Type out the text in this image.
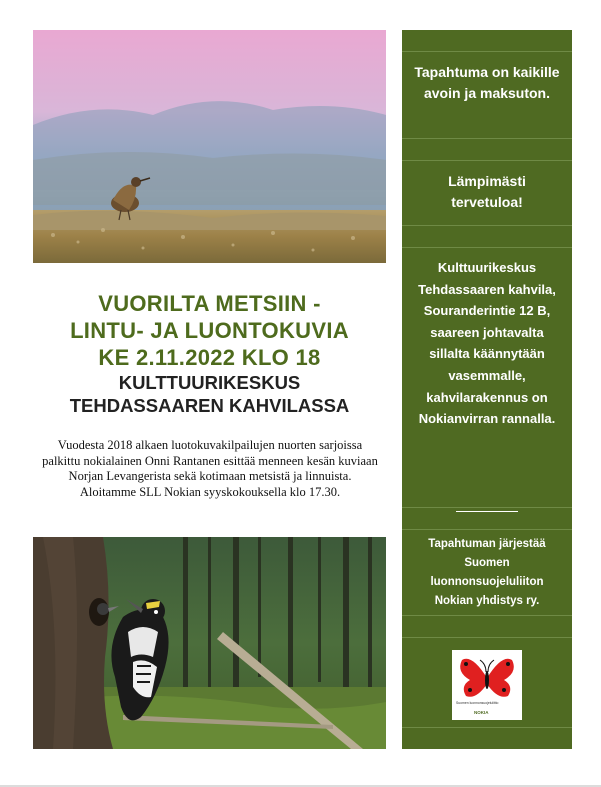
VUORILTA METSIIN -
LINTU- JA LUONTOKUVIA
KE 2.11.2022 KLO 18
KULTTUURIKESKUS
TEHDASSAAREN KAHVILASSA
Vuodesta 2018 alkaen luotokuvakilpailujen nuorten sarjoissa palkittu nokialainen Onni Rantanen esittää menneen kesän kuviaan Norjan Levangerista sekä kotimaan metsistä ja linnuista.
Aloitamme SLL Nokian syyskokouksella klo 17.30.
Tapahtuma on kaikille avoin ja maksuton.
Lämpimästi tervetuloa!
Kulttuurikeskus Tehdassaaren kahvila, Souranderintie 12 B, saareen johtavalta sillalta käännytään vasemmalle, kahvilarakennus on Nokianvirran rannalla.
Tapahtuman järjestää Suomen luonnonsuojeluliiton Nokian yhdistys ry.
Suomen luonnonsuojeluliitto
NOKIA
